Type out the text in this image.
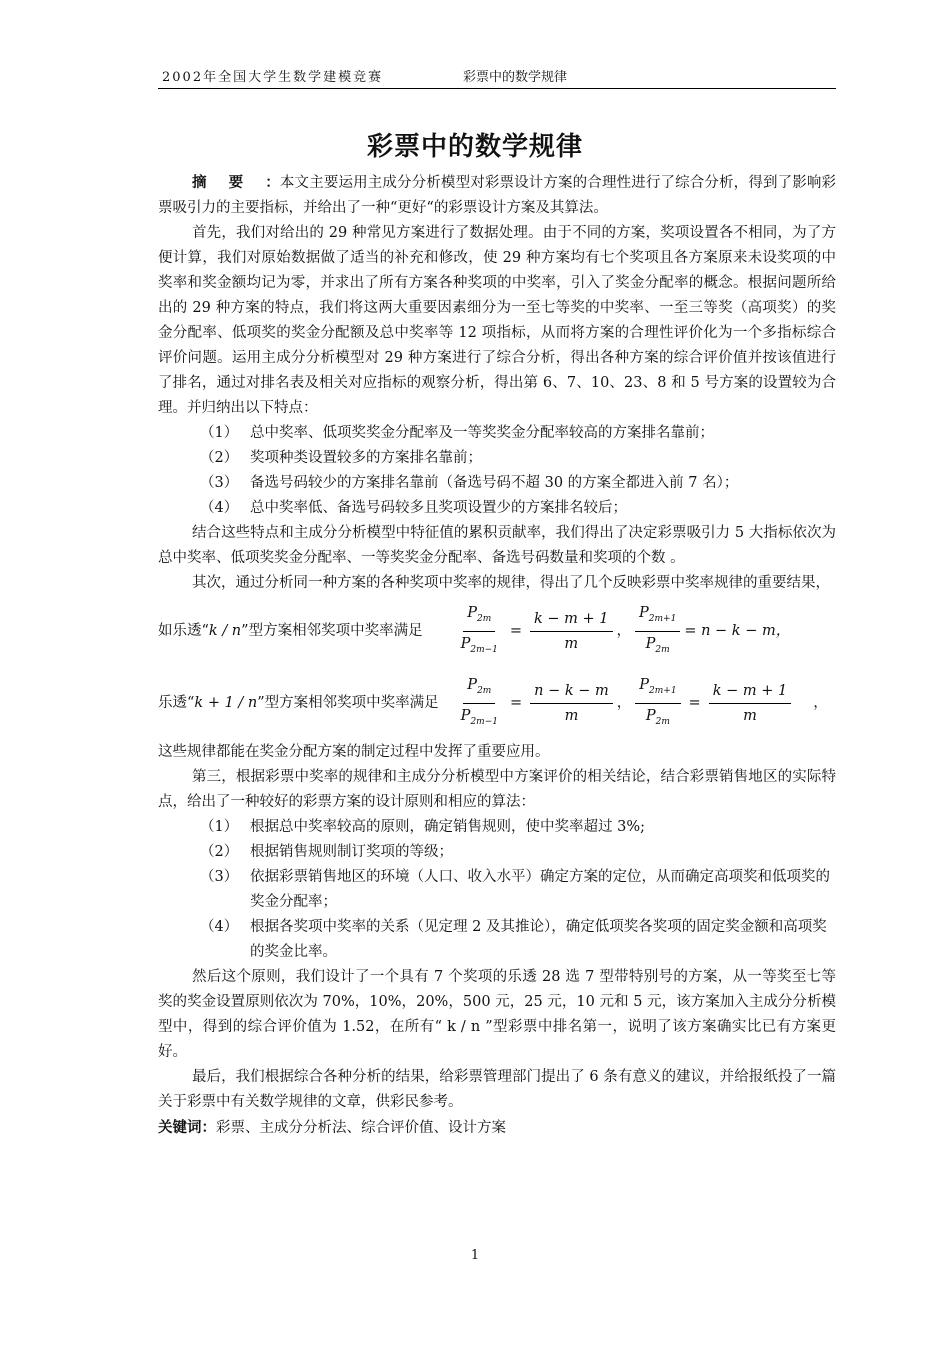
2002年全国大学生数学建模竞赛	彩票中的数学规律
彩票中的数学规律

摘要：本文主要运用主成分分析模型对彩票设计方案的合理性进行了综合分析，得到了影响彩票吸引力的主要指标，并给出了一种“更好“的彩票设计方案及其算法。

首先，我们对给出的 29 种常见方案进行了数据处理。由于不同的方案，奖项设置各不相同，为了方便计算，我们对原始数据做了适当的补充和修改，使 29 种方案均有七个奖项且各方案原来未设奖项的中奖率和奖金额均记为零，并求出了所有方案各种奖项的中奖率，引入了奖金分配率的概念。根据问题所给出的 29 种方案的特点，我们将这两大重要因素细分为一至七等奖的中奖率、一至三等奖（高项奖）的奖金分配率、低项奖的奖金分配额及总中奖率等 12 项指标，从而将方案的合理性评价化为一个多指标综合评价问题。运用主成分分析模型对 29 种方案进行了综合分析，得出各种方案的综合评价值并按该值进行了排名，通过对排名表及相关对应指标的观察分析，得出第 6、7、10、23、8 和 5 号方案的设置较为合理。并归纳出以下特点：

（1） 总中奖率、低项奖奖金分配率及一等奖奖金分配率较高的方案排名靠前；
（2） 奖项种类设置较多的方案排名靠前；
（3） 备选号码较少的方案排名靠前（备选号码不超 30 的方案全都进入前 7 名）；
（4） 总中奖率低、备选号码较多且奖项设置少的方案排名较后；

结合这些特点和主成分分析模型中特征值的累积贡献率，我们得出了决定彩票吸引力 5 大指标依次为总中奖率、低项奖奖金分配率、一等奖奖金分配率、备选号码数量和奖项的个数 。

其次，通过分析同一种方案的各种奖项中奖率的规律，得出了几个反映彩票中奖率规律的重要结果，

如乐透“k / n”型方案相邻奖项中奖率满足 $\frac{P_{2m}}{P_{2m-1}} = \frac{k - m + 1}{m}$ ， $\frac{P_{2m+1}}{P_{2m}} = n - k - m$，
乐透“k + 1 / n”型方案相邻奖项中奖率满足 $\frac{P_{2m}}{P_{2m-1}} = \frac{n - k - m}{m}$ ， $\frac{P_{2m+1}}{P_{2m}} = \frac{k - m + 1}{m}$ ，

这些规律都能在奖金分配方案的制定过程中发挥了重要应用。

第三，根据彩票中奖率的规律和主成分分析模型中方案评价的相关结论，结合彩票销售地区的实际特点，给出了一种较好的彩票方案的设计原则和相应的算法：

（1） 根据总中奖率较高的原则，确定销售规则，使中奖率超过 3%;
（2） 根据销售规则制订奖项的等级；
（3） 依据彩票销售地区的环境（人口、收入水平）确定方案的定位，从而确定高项奖和低项奖的奖金分配率；
（4） 根据各奖项中奖率的关系（见定理 2 及其推论），确定低项奖各奖项的固定奖金额和高项奖的奖金比率。

然后这个原则，我们设计了一个具有 7 个奖项的乐透 28 选 7 型带特别号的方案，从一等奖至七等奖的奖金设置原则依次为 70%，10%，20%，500 元，25 元，10 元和 5 元，该方案加入主成分分析模型中，得到的综合评价值为 1.52，在所有“ k / n ”型彩票中排名第一，说明了该方案确实比已有方案更好。

最后，我们根据综合各种分析的结果，给彩票管理部门提出了 6 条有意义的建议，并给报纸投了一篇关于彩票中有关数学规律的文章，供彩民参考。

关键词：彩票、主成分分析法、综合评价值、设计方案

1
